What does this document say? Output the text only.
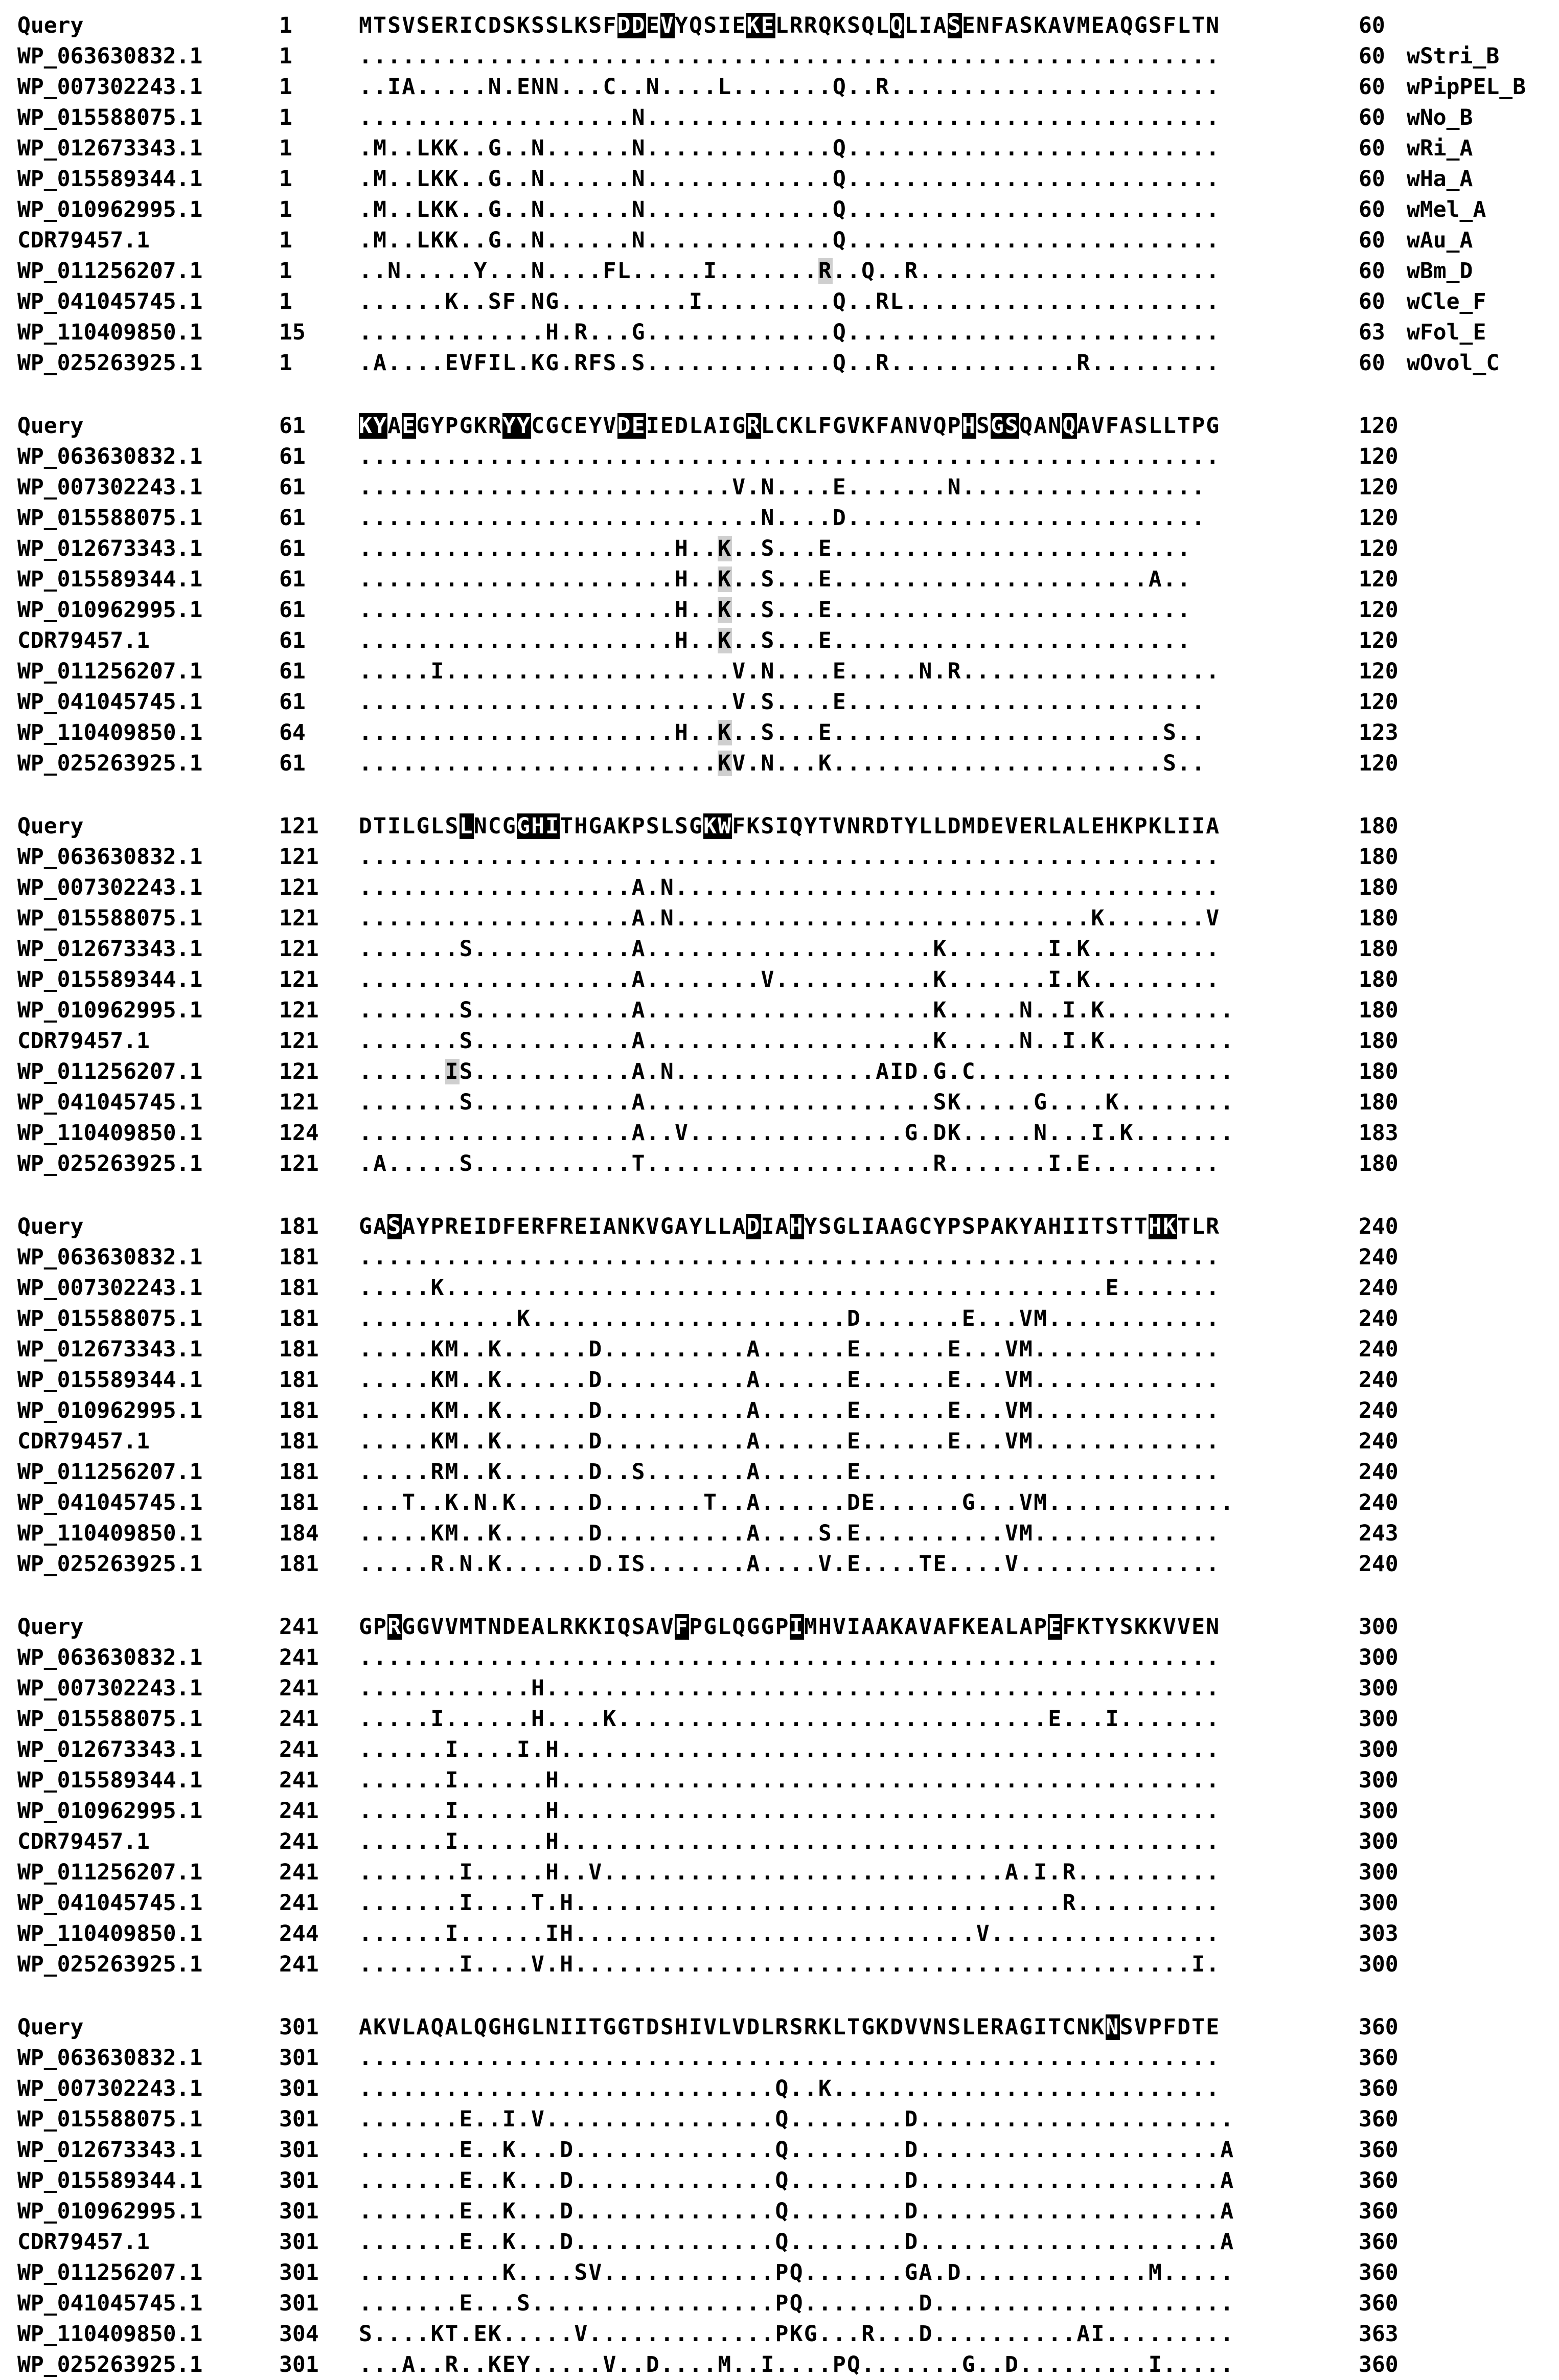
Query	1	MTSVSERICDSKSSLKSFDDEVYQSIEKELRRQKSQLQLIASENFASKAVMEAQGSFLTN	60
WP_063630832.1	1	............................................................	60 wStri_B
WP_007302243.1	1	..IA.....N.ENN...C..N....L.......Q..R.......................	60 wPipPEL_B
WP_015588075.1	1	...................N........................................	60 wNo_B
WP_012673343.1	1	.M..LKK..G..N......N.............Q..........................	60 wRi_A
WP_015589344.1	1	.M..LKK..G..N......N.............Q..........................	60 wHa_A
WP_010962995.1	1	.M..LKK..G..N......N.............Q..........................	60 wMel_A
CDR79457.1	1	.M..LKK..G..N......N.............Q..........................	60 wAu_A
WP_011256207.1	1	..N.....Y...N....FL.....I.......R..Q..R.....................	60 wBm_D
WP_041045745.1	1	......K..SF.NG.........I.........Q..RL......................	60 wCle_F
WP_110409850.1	15 .............H.R...G.............Q..........................	63 wFol_E
WP_025263925.1	1	.A....EVFIL.KG.RFS.S.............Q..R.............R.........	60 wOvol_C
Query	61 KYAEGYPGKRYYCGCEYVDEIEDLAIGRLCKLFGVKFANVQPHSGSQANQAVFASLLTPG	120
WP_063630832.1	61 ............................................................	120
WP_007302243.1	61 ..........................V.N....E.......N.................	120
WP_015588075.1	61 ............................N....D.........................	120
WP_012673343.1	61 ......................H..K..S...E.........................	120
WP_015589344.1	61 ......................H..K..S...E......................A..	120
WP_010962995.1	61 ......................H..K..S...E.........................	120
CDR79457.1	61 ......................H..K..S...E.........................	120
WP_011256207.1	61 .....I....................V.N....E.....N.R..................	120
WP_041045745.1	61 ..........................V.S....E.........................	120
WP_110409850.1	64 ......................H..K..S...E.......................S..	123
WP_025263925.1	61 .........................KV.N...K.......................S..	120
Query	121 DTILGLSLNCGGHITHGAKPSLSGKWFKSIQYTVNRDTYLLDMDEVERLALEHKPKLIIA	180
WP_063630832.1	121 ............................................................	180
WP_007302243.1	121 ...................A.N......................................	180
WP_015588075.1	121 ...................A.N.............................K.......V	180
WP_012673343.1	121 .......S...........A....................K.......I.K.........	180
WP_015589344.1	121 ...................A........V...........K.......I.K.........	180
WP_010962995.1	121 .......S...........A....................K.....N..I.K.........	180
CDR79457.1	121 .......S...........A....................K.....N..I.K.........	180
WP_011256207.1	121 ......IS...........A.N..............AID.G.C..................	180
WP_041045745.1	121 .......S...........A....................SK.....G....K........	180
WP_110409850.1	124 ...................A..V...............G.DK.....N...I.K.......	183
WP_025263925.1	121 .A.....S...........T....................R.......I.E.........	180
Query	181 GASAYPREIDFERFREIANKVGAYLLADIAHYSGLIAAGCYPSPAKYAHIITSTTHKTLR	240
WP_063630832.1	181 ............................................................	240
WP_007302243.1	181 .....K..............................................E.......	240
WP_015588075.1	181 ...........K......................D.......E...VM............	240
WP_012673343.1	181 .....KM..K......D..........A......E......E...VM.............	240
WP_015589344.1	181 .....KM..K......D..........A......E......E...VM.............	240
WP_010962995.1	181 .....KM..K......D..........A......E......E...VM.............	240
CDR79457.1	181 .....KM..K......D..........A......E......E...VM.............	240
WP_011256207.1	181 .....RM..K......D..S.......A......E.........................	240
WP_041045745.1	181 ...T..K.N.K.....D.......T..A......DE......G...VM.............	240
WP_110409850.1	184 .....KM..K......D..........A....S.E..........VM.............	243
WP_025263925.1	181 .....R.N.K......D.IS.......A....V.E....TE....V..............	240
Query	241 GPRGGVVMTNDEALRKKIQSAVFPGLQGGPIMHVIAAKAVAFKEALAPEFKTYSKKVVEN	300
WP_063630832.1	241 ............................................................	300
WP_007302243.1	241 ............H...............................................	300
WP_015588075.1	241 .....I......H....K..............................E...I.......	300
WP_012673343.1	241 ......I....I.H..............................................	300
WP_015589344.1	241 ......I......H..............................................	300
WP_010962995.1	241 ......I......H..............................................	300
CDR79457.1	241 ......I......H..............................................	300
WP_011256207.1	241 .......I.....H..V............................A.I.R..........	300
WP_041045745.1	241 .......I....T.H..................................R..........	300
WP_110409850.1	244 ......I......IH............................V................	303
WP_025263925.1	241 .......I....V.H...........................................I.	300
Query	301 AKVLAQALQGHGLNIITGGTDSHIVLVDLRSRKLTGKDVVNSLERAGITCNKNSVPFDTE	360
WP_063630832.1	301 ............................................................	360
WP_007302243.1	301 .............................Q..K...........................	360
WP_015588075.1	301 .......E..I.V................Q........D......................	360
WP_012673343.1	301 .......E..K...D..............Q........D.....................A	360
WP_015589344.1	301 .......E..K...D..............Q........D.....................A	360
WP_010962995.1	301 .......E..K...D..............Q........D.....................A	360
CDR79457.1	301 .......E..K...D..............Q........D.....................A	360
WP_011256207.1	301 ..........K....SV............PQ.......GA.D.............M.....	360
WP_041045745.1	301 .......E...S.................PQ........D.....................	360
WP_110409850.1	304 S....KT.EK.....V.............PKG...R...D..........AI.........	363
WP_025263925.1	301 ...A..R..KEY.....V..D....M..I....PQ.......G..D.........I.....	360
